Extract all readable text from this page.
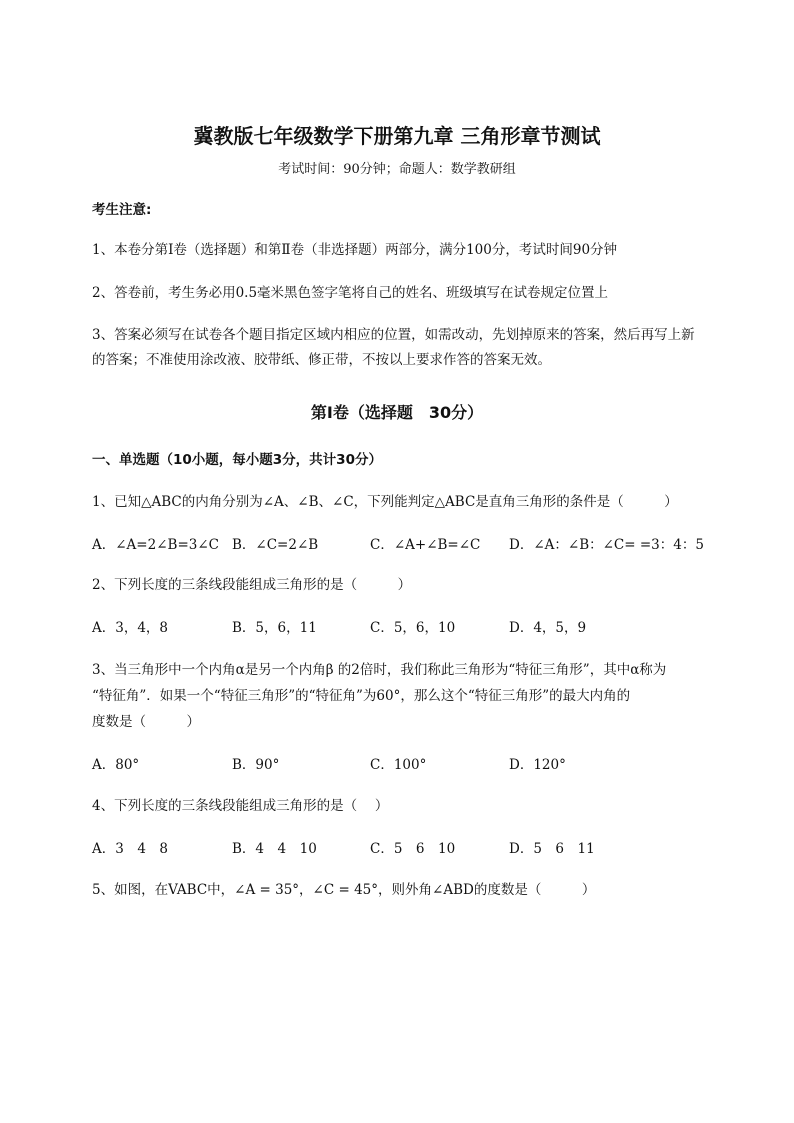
冀教版七年级数学下册第九章 三角形章节测试
考试时间：90分钟；命题人：数学教研组
考生注意:
1、本卷分第I卷（选择题）和第Ⅱ卷（非选择题）两部分，满分100分，考试时间90分钟
2、答卷前，考生务必用0.5毫米黑色签字笔将自己的姓名、班级填写在试卷规定位置上
3、答案必须写在试卷各个题目指定区域内相应的位置，如需改动，先划掉原来的答案，然后再写上新
的答案；不准使用涂改液、胶带纸、修正带，不按以上要求作答的答案无效。
第I卷（选择题　30分）
一、单选题（10小题，每小题3分，共计30分）
1、已知△ABC的内角分别为∠A、∠B、∠C，下列能判定△ABC是直角三角形的条件是（　　　）
A．∠A=2∠B=3∠C B．∠C=2∠B	C．∠A+∠B=∠C D．∠A：∠B：∠C= =3：4：5
2、下列长度的三条线段能组成三角形的是（　　　）
A．3，4，8	B．5，6，11	C．5，6，10	D．4，5，9
3、当三角形中一个内角α是另一个内角β 的2倍时，我们称此三角形为“特征三角形”，其中α称为
“特征角”．如果一个“特征三角形”的“特征角”为60°，那么这个“特征三角形”的最大内角的
度数是（　　　）
A．80°	B．90°	C．100°	D．120°
4、下列长度的三条线段能组成三角形的是（　 ）
A．3　4　8	B．4　4　10	C．5　6　10	D．5　6　11
5、如图，在VABC中，∠A = 35°，∠C = 45°，则外角∠ABD的度数是（　　　）
